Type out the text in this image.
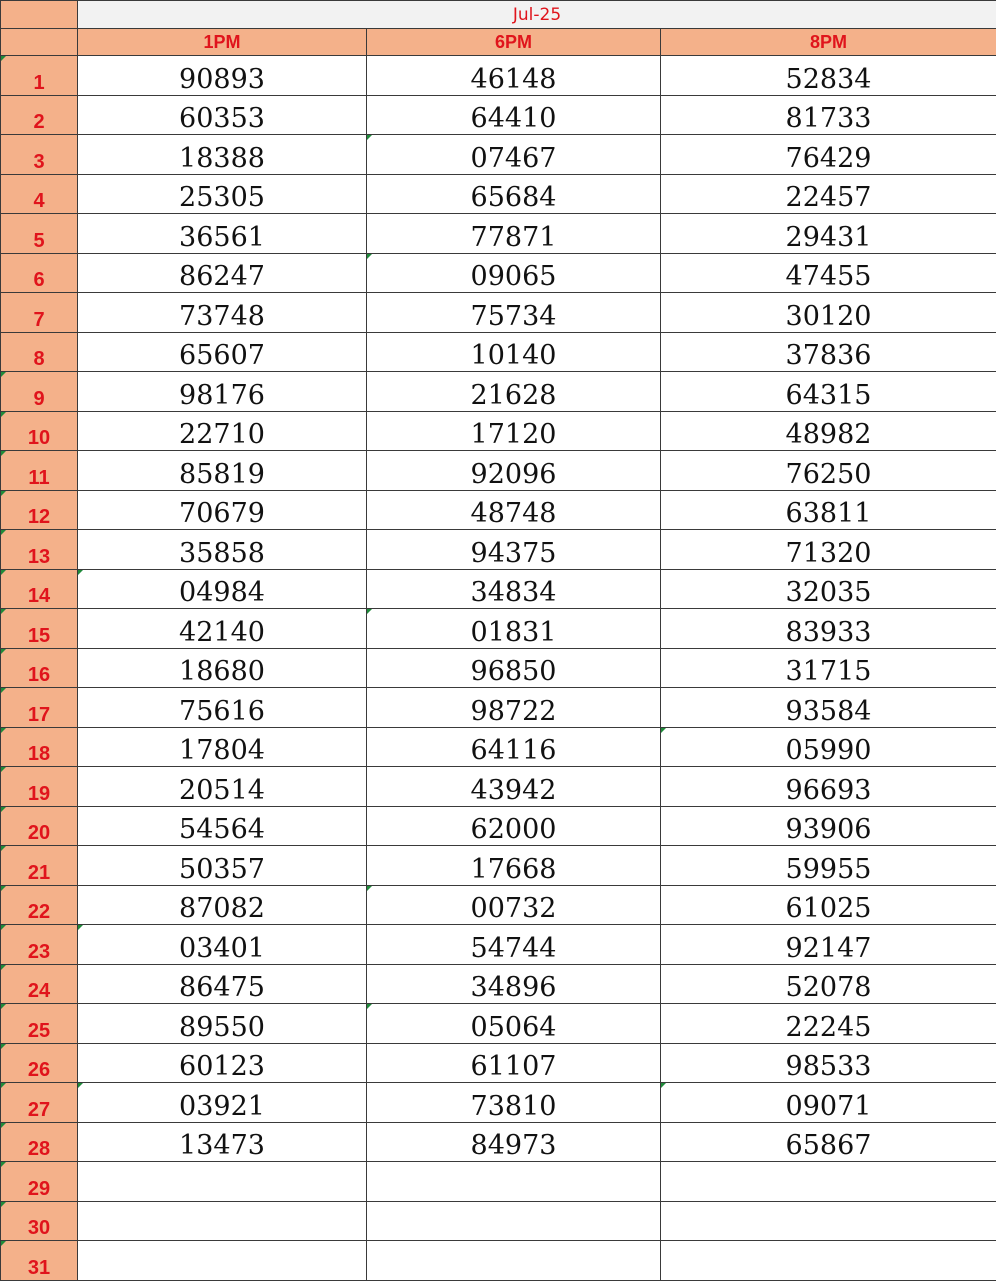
	Jul-25		
	1PM	6PM	8PM
1	90893	46148	52834
2	60353	64410	81733
3	18388	07467	76429
4	25305	65684	22457
5	36561	77871	29431
6	86247	09065	47455
7	73748	75734	30120
8	65607	10140	37836
9	98176	21628	64315
10	22710	17120	48982
11	85819	92096	76250
12	70679	48748	63811
13	35858	94375	71320
14	04984	34834	32035
15	42140	01831	83933
16	18680	96850	31715
17	75616	98722	93584
18	17804	64116	05990
19	20514	43942	96693
20	54564	62000	93906
21	50357	17668	59955
22	87082	00732	61025
23	03401	54744	92147
24	86475	34896	52078
25	89550	05064	22245
26	60123	61107	98533
27	03921	73810	09071
28	13473	84973	65867
29			
30			
31			
